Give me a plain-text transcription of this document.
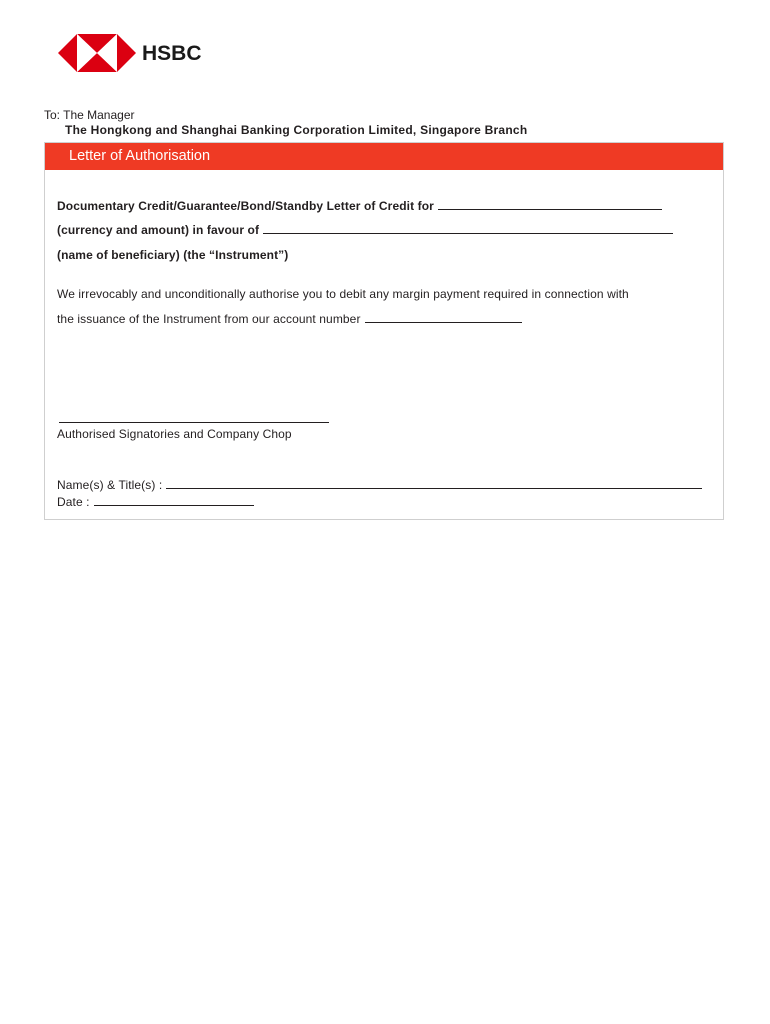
HSBC
To: The Manager
The Hongkong and Shanghai Banking Corporation Limited, Singapore Branch
Letter of Authorisation
Documentary Credit/Guarantee/Bond/Standby Letter of Credit for
(currency and amount) in favour of
(name of beneficiary) (the “Instrument”)
We irrevocably and unconditionally authorise you to debit any margin payment required in connection with
the issuance of the Instrument from our account number
Authorised Signatories and Company Chop
Name(s) & Title(s) :
Date :
